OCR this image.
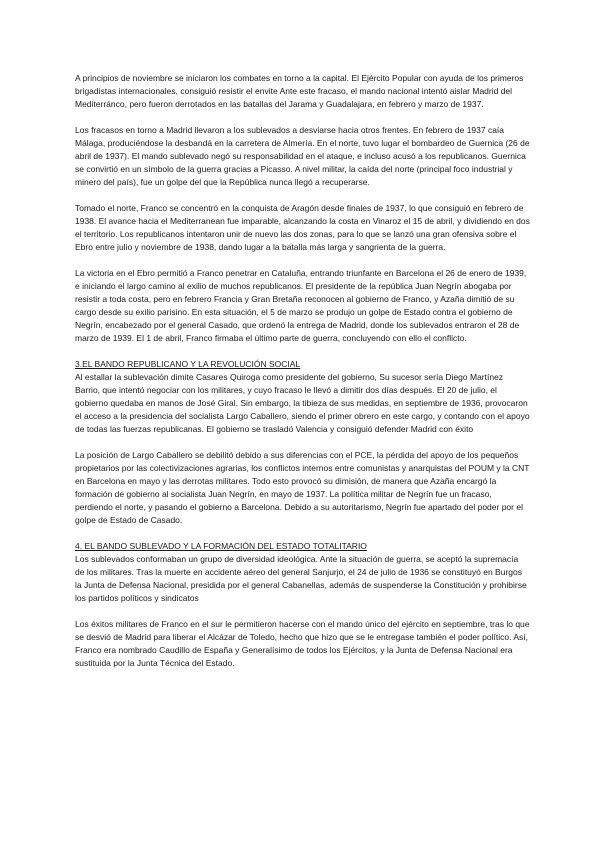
A principios de noviembre se iniciaron los combates en torno a la capital. El Ejército Popular con ayuda de los primeros brigadistas internacionales, consiguió resistir el envite Ante este fracaso, el mando nacional intentó aislar Madrid del Mediterránco, pero fueron derrotados en las batallas del Jarama y Guadalajara, en febrero y marzo de 1937.

Los fracasos en torno a Madrid llevaron a los sublevados a desviarse hacia otros frentes. En febrero de 1937 caía Málaga, produciéndose la desbandá en la carretera de Almería. En el norte, tuvo lugar el bombardeo de Guernica (26 de abril de 1937). El mando sublevado negó su responsabilidad en el ataque, e incluso acusó a los republicanos. Guernica se convirtió en un símbolo de la guerra gracias a Picasso. A nivel militar, la caída del norte (principal foco industrial y minero del país), fue un golpe del que la República nunca llegó a recuperarse.

Tomado el norte, Franco se concentró en la conquista de Aragón desde finales de 1937, lo que consiguió en febrero de 1938. El avance hacia el Mediterranean fue imparable, alcanzando la costa en Vinaroz el 15 de abril, y dividiendo en dos el territorio. Los republicanos intentaron unir de nuevo las dos zonas, para lo que se lanzó una gran ofensiva sobre el Ebro entre julio y noviembre de 1938, dando lugar a la batalla más larga y sangrienta de la guerra.

La victoria en el Ebro permitió a Franco penetrar en Cataluña, entrando triunfante en Barcelona el 26 de enero de 1939, e iniciando el largo camino al exilio de muchos republicanos. El presidente de la república Juan Negrín abogaba por resistir a toda costa, pero en febrero Francia y Gran Bretaña reconocen al gobierno de Franco, y Azaña dimitió de su cargo desde su exilio parisino. En esta situación, el 5 de marzo se produjo un golpe de Estado contra el gobierno de Negrín, encabezado por el general Casado, que ordenó la entrega de Madrid, donde los sublevados entraron el 28 de marzo de 1939. El 1 de abril, Franco firmaba el último parte de guerra, concluyendo con ello el conflicto.

3.EL BANDO REPUBLICANO Y LA REVOLUCIÓN SOCIAL

Al estallar la sublevación dimite Casares Quiroga como presidente del gobierno, Su sucesor sería Diego Martínez Barrio, que intentó negociar con los militares, y cuyo fracaso le llevó a dimitir dos días después. El 20 de julio, el gobierno quedaba en manos de José Giral. Sin embargo, la tibieza de sus medidas, en septiembre de 1936, provocaron el acceso a la presidencia del socialista Largo Caballero, siendo el primer obrero en este cargo, y contando con el apoyo de todas las fuerzas republicanas. El gobierno se trasladó Valencia y consiguió defender Madrid con éxito

La posición de Largo Caballero se debilitó debido a sus diferencias con el PCE, la pérdida del apoyo de los pequeños propietarios por las colectivizaciones agrarias, los conflictos internos entre comunistas y anarquistas del POUM y la CNT en Barcelona en mayo y las derrotas militares. Todo esto provocó su dimisión, de manera que Azaña encargó la formación de gobierno al socialista Juan Negrín, en mayo de 1937. La política militar de Negrín fue un fracaso, perdiendo el norte, y pasando el gobierno a Barcelona. Debido a su autoritarismo, Negrín fue apartado del poder por el golpe de Estado de Casado.

4. EL BANDO SUBLEVADO Y LA FORMACIÓN DEL ESTADO TOTALITARIO

Los sublevados conformaban un grupo de diversidad ideológica. Ante la situación de guerra, se aceptó la supremacía de los militares. Tras la muerte en accidente aéreo del general Sanjurjo, el 24 de julio de 1936 se constituyó en Burgos la Junta de Defensa Nacional, presidida por el general Cabanellas, además de suspenderse la Constitución y prohibirse los partidos políticos y sindicatos

Los éxitos militares de Franco en el sur le permitieron hacerse con el mando único del ejército en septiembre, tras lo que se desvió de Madrid para liberar el Alcázar de Toledo, hecho que hizo que se le entregase también el poder político. Así, Franco era nombrado Caudillo de España y Generalísimo de todos los Ejércitos, y la Junta de Defensa Nacional era sustituida por la Junta Técnica del Estado.
